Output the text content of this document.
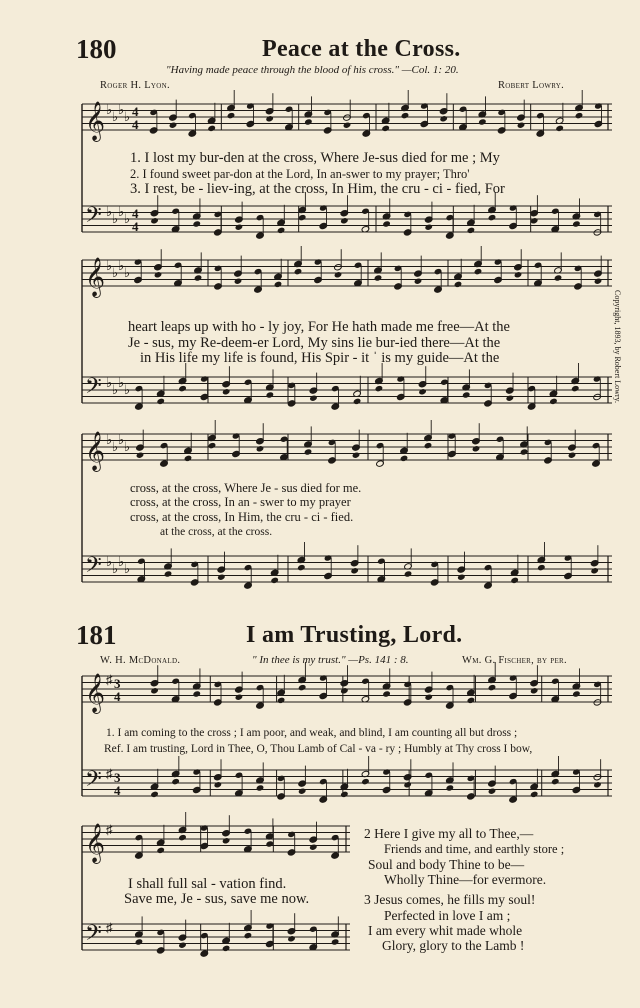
180	Peace at the Cross.
"Having made peace through the blood of his cross." —Col. 1: 20.
Roger H. Lyon.	Robert Lowry.
𝄞 ♭ ♭ ♭ ♭ 4
4
𝄢 ♭ ♭ ♭ ♭ 4
4
𝄞 ♭ ♭ ♭ ♭
𝄢 ♭ ♭ ♭ ♭
𝄞 ♭ ♭ ♭ ♭
𝄢 ♭ ♭ ♭ ♭
𝄞 ♯ 3
4
𝄢 ♯ 3
4
𝄞 ♯
𝄢 ♯
1. I lost my bur-den at the cross, Where Je-sus died for me ; My
2. I found sweet par-don at the Lord, In an-swer to my prayer; Thro'
3. I rest, be - liev-ing, at the cross, In Him, the cru - ci - fied, For
heart leaps up with ho - ly joy, For He hath made me free—At the
Je - sus, my Re-deem-er Lord, My sins lie bur-ied there—At the
in His life my life is found, His Spir - it ˈ is my guide—At the
cross, at the cross, Where Je - sus died for me.
cross, at the cross, In an - swer to my prayer
cross, at the cross, In Him, the cru - ci - fied.
at the cross, at the cross.
Copyright, 1893, by Robert Lowry.
181	I am Trusting, Lord.
W. H. McDonald.	" In thee is my trust." —Ps. 141 : 8.	Wm. G. Fischer, by per.
1. I am coming to the cross ; I am poor, and weak, and blind, I am counting all but dross ;
Ref. I am trusting, Lord in Thee, O, Thou Lamb of Cal - va - ry ; Humbly at Thy cross I bow,
I shall full sal - vation find.
Save me, Je - sus, save me now.
2 Here I give my all to Thee,—
Friends and time, and earthly store ;
Soul and body Thine to be—
Wholly Thine—for evermore.
3 Jesus comes, he fills my soul!
Perfected in love I am ;
I am every whit made whole
Glory, glory to the Lamb !
